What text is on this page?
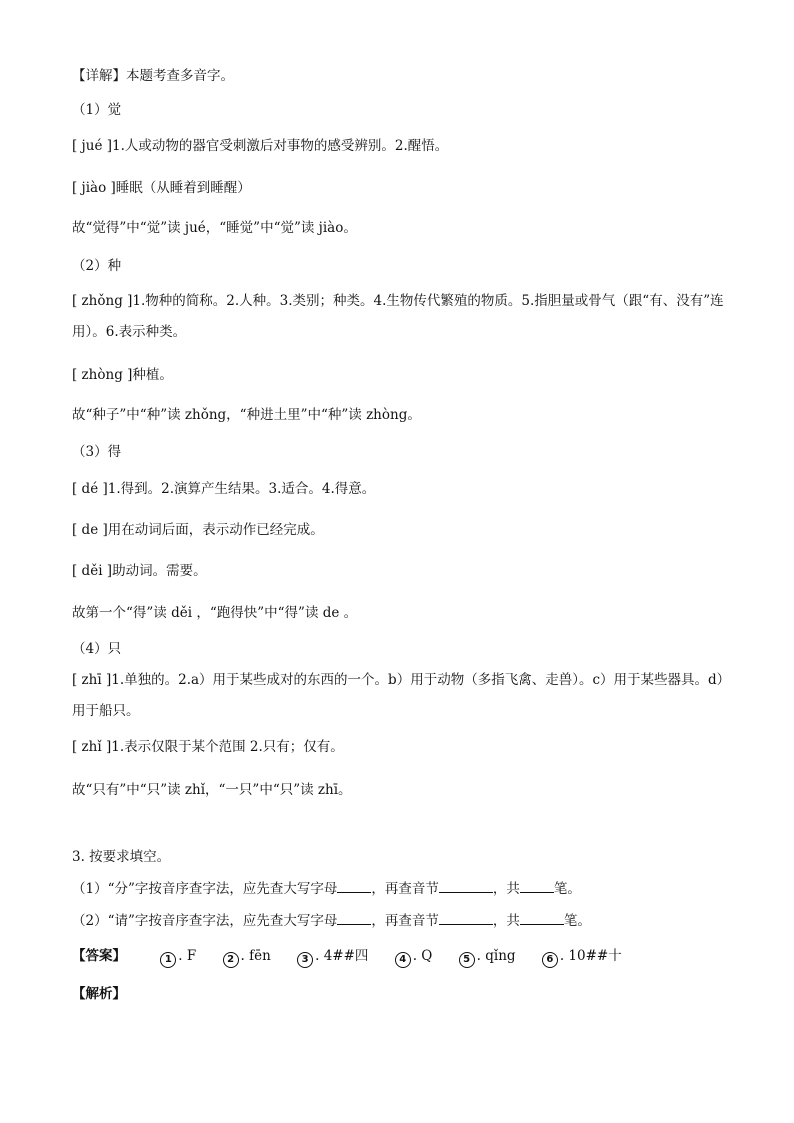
【详解】本题考查多音字。
（1）觉
[ jué ]1.人或动物的器官受刺激后对事物的感受辨别。2.醒悟。
[ jiào ]睡眠（从睡着到睡醒）
故“觉得”中“觉”读 jué，“睡觉”中“觉”读 jiào。
（2）种
[ zhǒng ]1.物种的简称。2.人种。3.类别；种类。4.生物传代繁殖的物质。5.指胆量或骨气（跟“有、没有”连用）。6.表示种类。
[ zhòng ]种植。
故“种子”中“种”读 zhǒng，“种进土里”中“种”读 zhòng。
（3）得
[ dé ]1.得到。2.演算产生结果。3.适合。4.得意。
[ de ]用在动词后面，表示动作已经完成。
[ děi ]助动词。需要。
故第一个“得”读 děi ，“跑得快”中“得”读 de 。
（4）只
[ zhī ]1.单独的。2.a）用于某些成对的东西的一个。b）用于动物（多指飞禽、走兽）。c）用于某些器具。d）用于船只。
[ zhǐ ]1.表示仅限于某个范围 2.只有；仅有。
故“只有”中“只”读 zhǐ，“一只”中“只”读 zhī。
3. 按要求填空。
（1）“分”字按音序查字法，应先查大写字母	，再查音节	，共	笔。
（2）“请”字按音序查字法，应先查大写字母	，再查音节	，共	笔。
【答案】	1 . F	2 . fēn	3 . 4##四	4 . Q	5 . qǐng	6 . 10##十
【解析】
